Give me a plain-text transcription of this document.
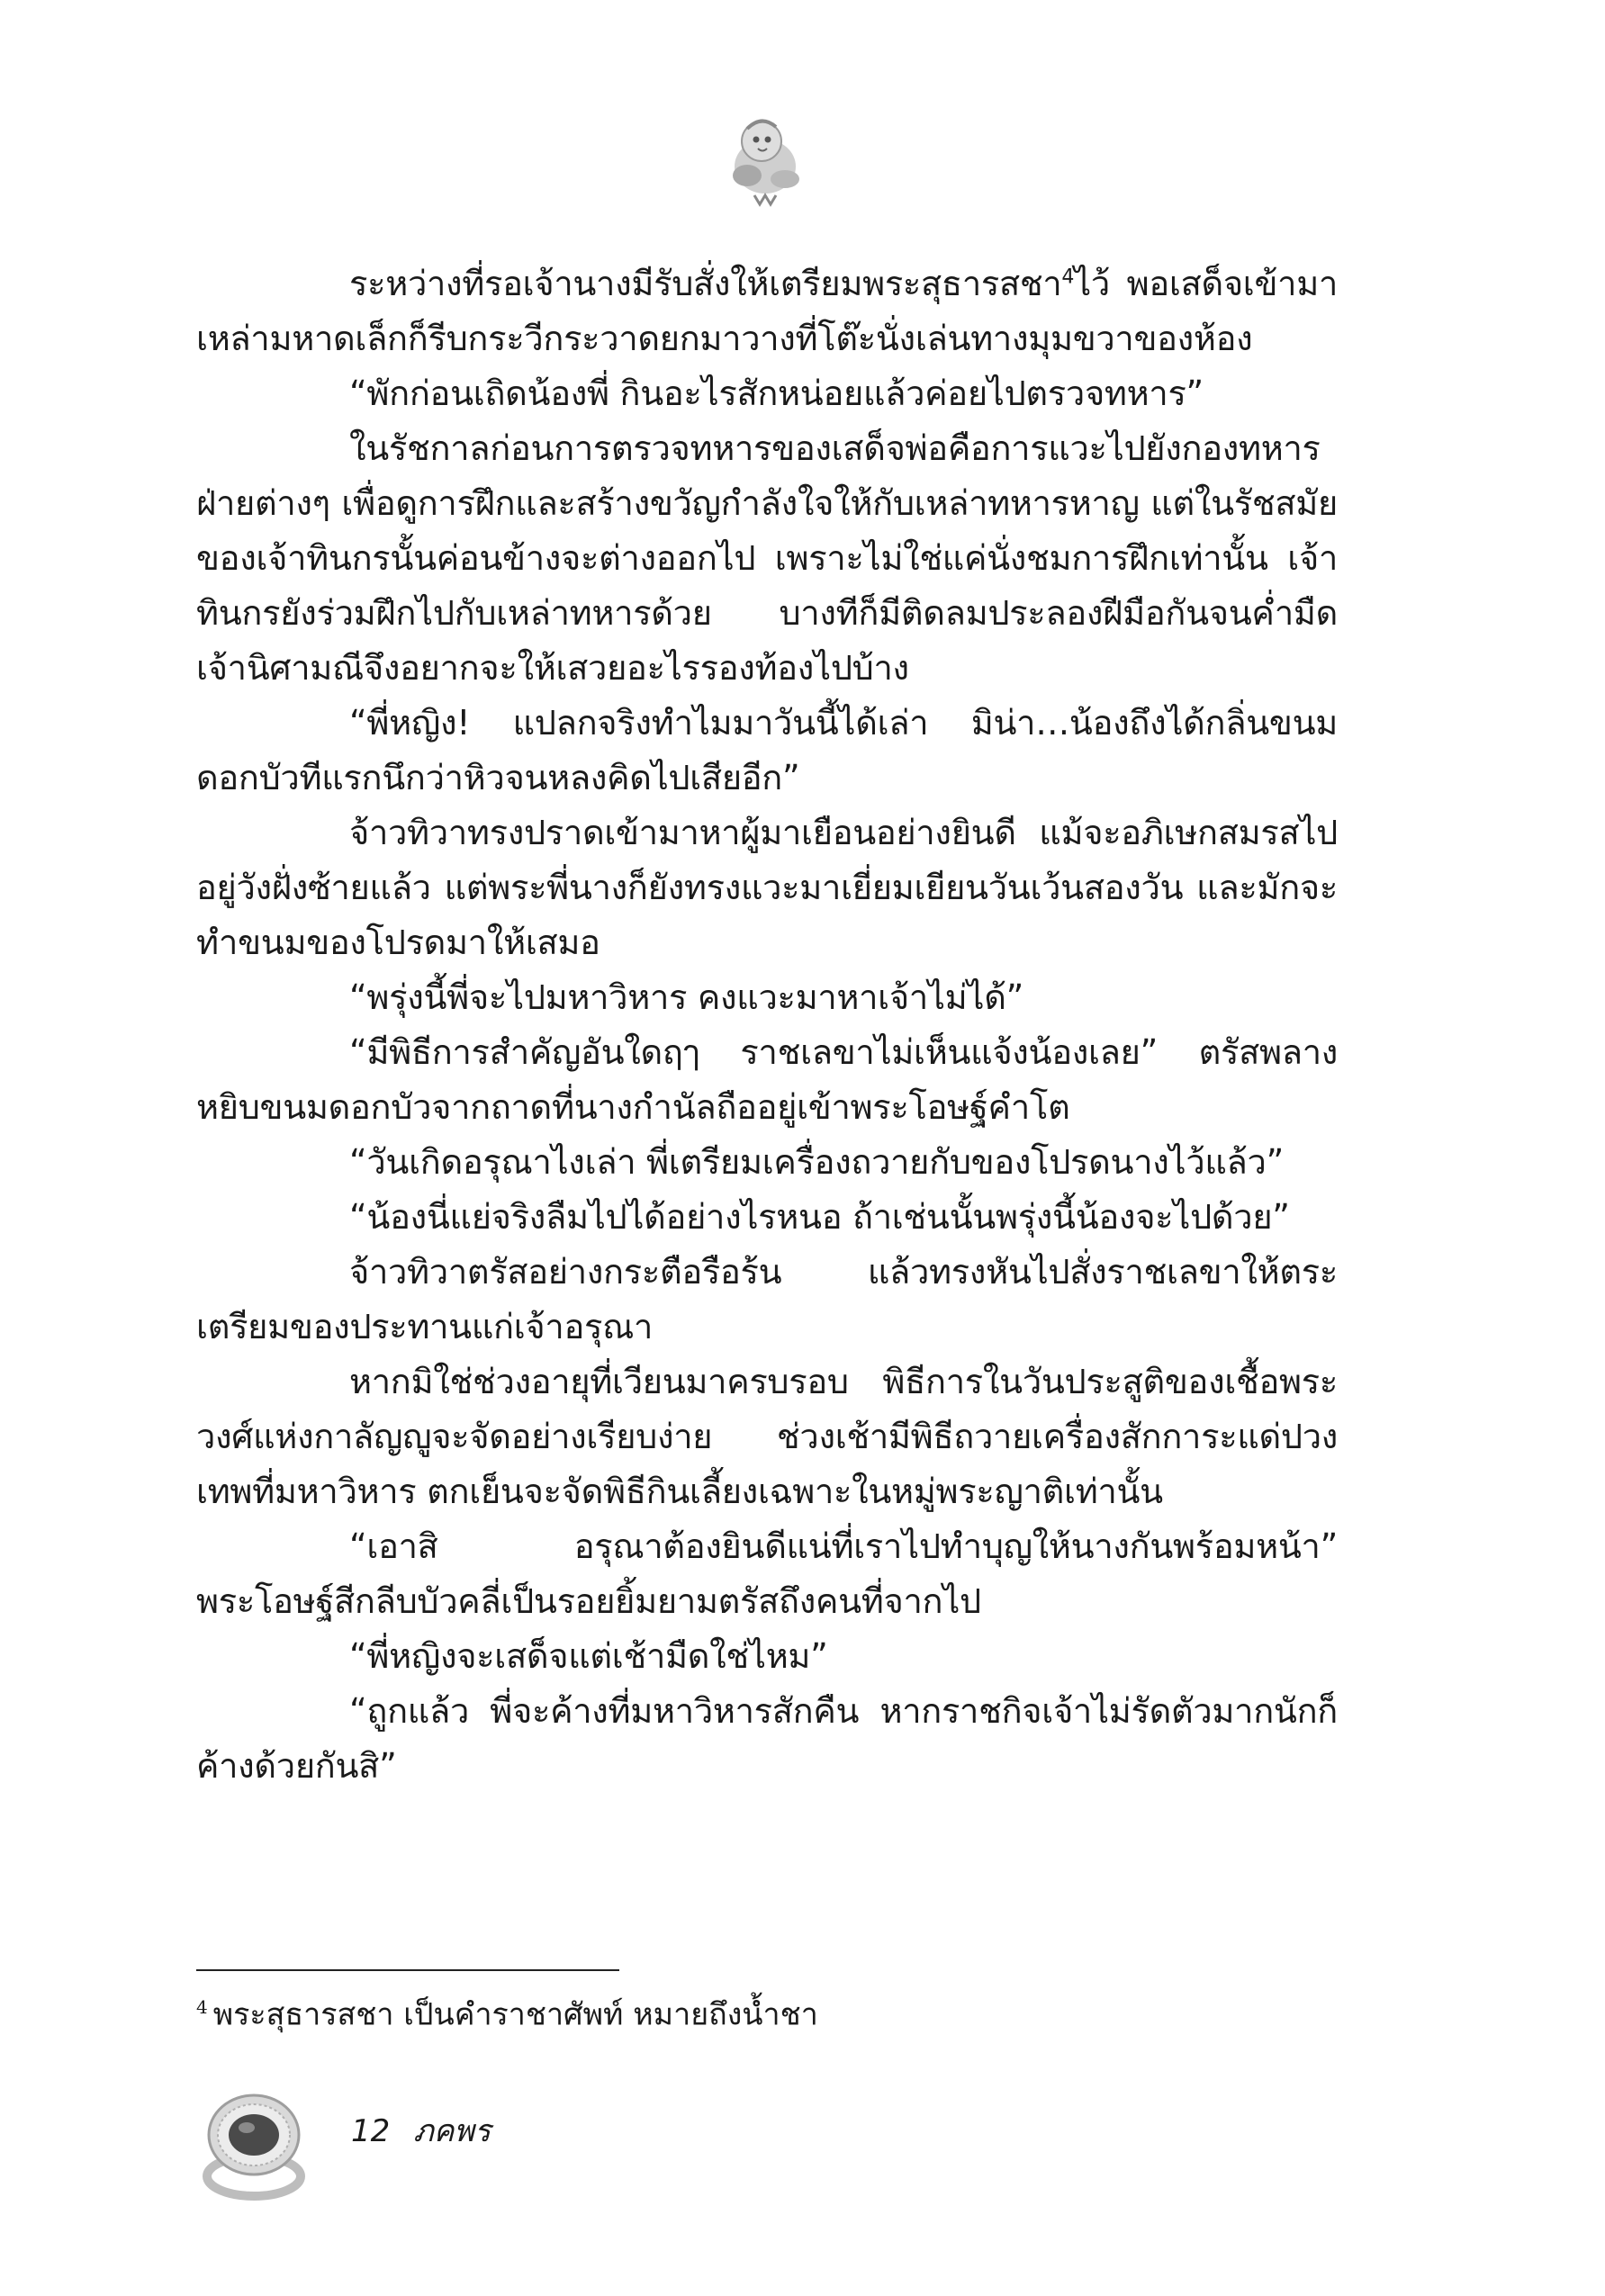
ระหว่างที่รอเจ้านางมีรับสั่งให้เตรียมพระสุธารสชา$^4$ไว้ พอเสด็จเข้ามาเหล่ามหาดเล็กก็รีบกระวีกระวาดยกมาวางที่โต๊ะนั่งเล่นทางมุมขวาของห้อง

“พักก่อนเถิดน้องพี่ กินอะไรสักหน่อยแล้วค่อยไปตรวจทหาร”

ในรัชกาลก่อนการตรวจทหารของเสด็จพ่อคือการแวะไปยังกองทหารฝ่ายต่างๆ เพื่อดูการฝึกและสร้างขวัญกำลังใจให้กับเหล่าทหารหาญ แต่ในรัชสมัยของเจ้าทินกรนั้นค่อนข้างจะต่างออกไป เพราะไม่ใช่แค่นั่งชมการฝึกเท่านั้น เจ้าทินกรยังร่วมฝึกไปกับเหล่าทหารด้วย บางทีก็มีติดลมประลองฝีมือกันจนค่ำมืด เจ้านิศามณีจึงอยากจะให้เสวยอะไรรองท้องไปบ้าง

“พี่หญิง! แปลกจริงทำไมมาวันนี้ได้เล่า มิน่า…น้องถึงได้กลิ่นขนมดอกบัวทีแรกนึกว่าหิวจนหลงคิดไปเสียอีก”

จ้าวทิวาทรงปราดเข้ามาหาผู้มาเยือนอย่างยินดี แม้จะอภิเษกสมรสไปอยู่วังฝั่งซ้ายแล้ว แต่พระพี่นางก็ยังทรงแวะมาเยี่ยมเยียนวันเว้นสองวัน และมักจะทำขนมของโปรดมาให้เสมอ

“พรุ่งนี้พี่จะไปมหาวิหาร คงแวะมาหาเจ้าไม่ได้”

“มีพิธีการสำคัญอันใดฤๅ ราชเลขาไม่เห็นแจ้งน้องเลย” ตรัสพลางหยิบขนมดอกบัวจากถาดที่นางกำนัลถืออยู่เข้าพระโอษฐ์คำโต

“วันเกิดอรุณาไงเล่า พี่เตรียมเครื่องถวายกับของโปรดนางไว้แล้ว”

“น้องนี่แย่จริงลืมไปได้อย่างไรหนอ ถ้าเช่นนั้นพรุ่งนี้น้องจะไปด้วย”

จ้าวทิวาตรัสอย่างกระตือรือร้น แล้วทรงหันไปสั่งราชเลขาให้ตระเตรียมของประทานแก่เจ้าอรุณา

หากมิใช่ช่วงอายุที่เวียนมาครบรอบ พิธีการในวันประสูติของเชื้อพระวงศ์แห่งกาลัญญูจะจัดอย่างเรียบง่าย ช่วงเช้ามีพิธีถวายเครื่องสักการะแด่ปวงเทพที่มหาวิหาร ตกเย็นจะจัดพิธีกินเลี้ยงเฉพาะในหมู่พระญาติเท่านั้น

“เอาสิ อรุณาต้องยินดีแน่ที่เราไปทำบุญให้นางกันพร้อมหน้า” พระโอษฐ์สีกลีบบัวคลี่เป็นรอยยิ้มยามตรัสถึงคนที่จากไป

“พี่หญิงจะเสด็จแต่เช้ามืดใช่ไหม”

“ถูกแล้ว พี่จะค้างที่มหาวิหารสักคืน หากราชกิจเจ้าไม่รัดตัวมากนักก็ค้างด้วยกันสิ”

$^4$ พระสุธารสชา เป็นคำราชาศัพท์ หมายถึงน้ำชา
12 ภคพร
